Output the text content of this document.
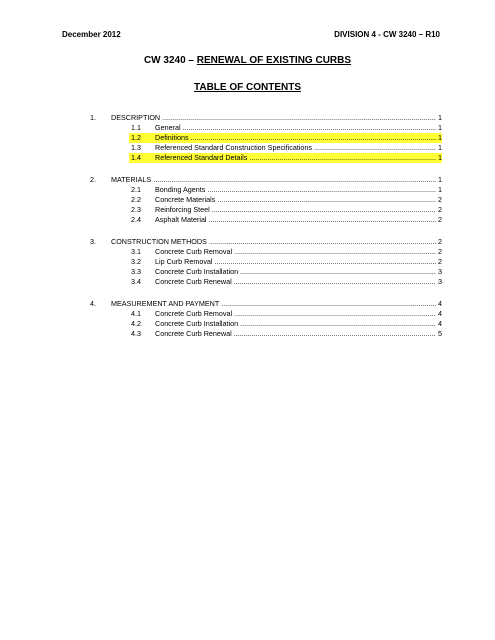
December 2012	DIVISION 4 - CW 3240 – R10
CW 3240 – RENEWAL OF EXISTING CURBS
TABLE OF CONTENTS
1. DESCRIPTION .....	1
1.1 General .....	1
1.2 Definitions .....	1
1.3 Referenced Standard Construction Specifications .....	1
1.4 Referenced Standard Details .....	1
2. MATERIALS .....	1
2.1 Bonding Agents .....	1
2.2 Concrete Materials .....	2
2.3 Reinforcing Steel .....	2
2.4 Asphalt Material .....	2
3. CONSTRUCTION METHODS .....	2
3.1 Concrete Curb Removal .....	2
3.2 Lip Curb Removal .....	2
3.3 Concrete Curb Installation .....	3
3.4 Concrete Curb Renewal .....	3
4. MEASUREMENT AND PAYMENT .....	4
4.1 Concrete Curb Removal .....	4
4.2 Concrete Curb Installation .....	4
4.3 Concrete Curb Renewal .....	5
